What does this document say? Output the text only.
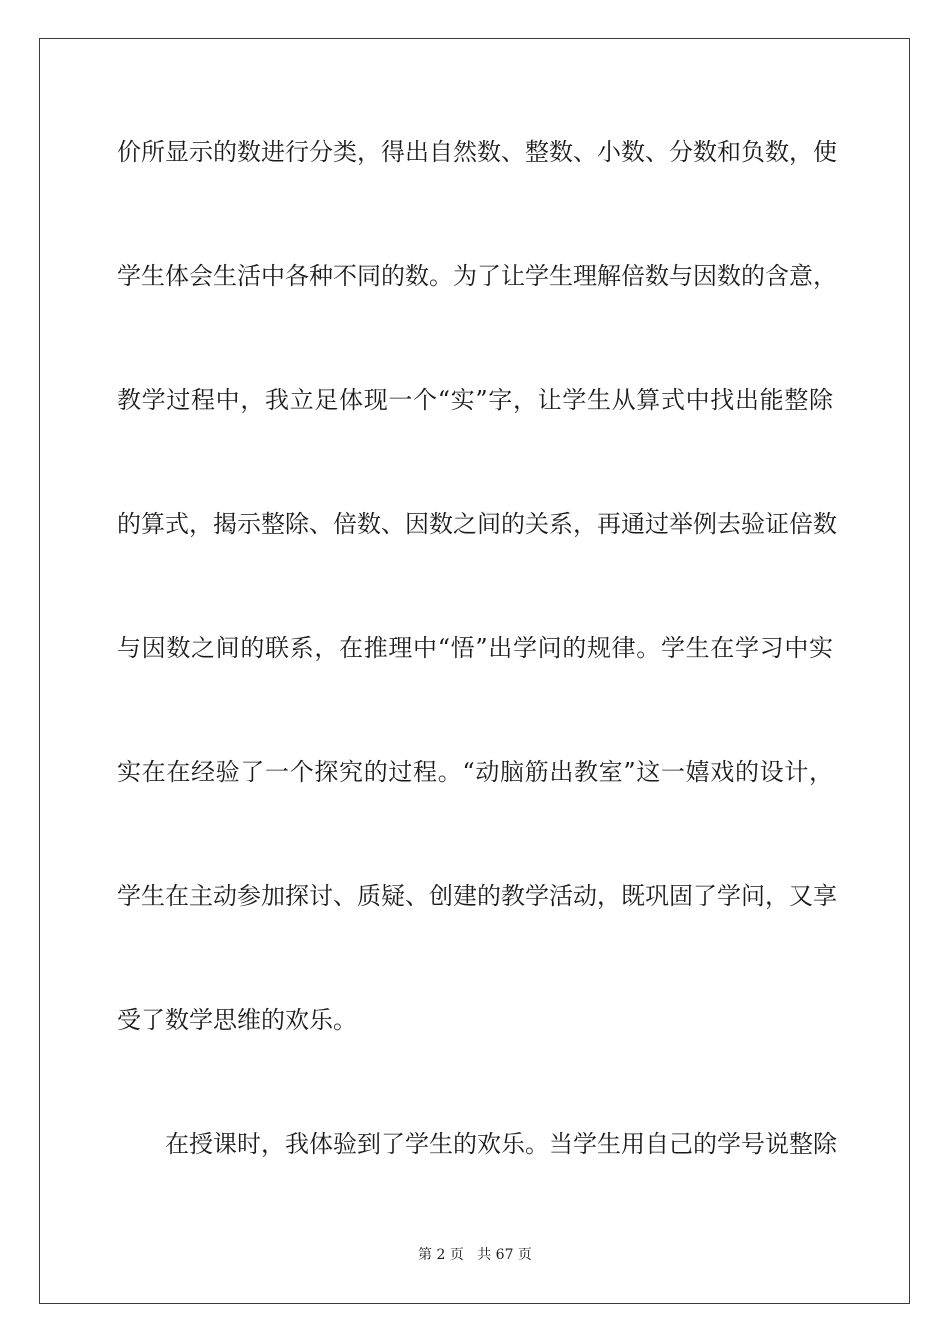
价所显示的数进行分类，得出自然数、整数、小数、分数和负数，使
学生体会生活中各种不同的数。为了让学生理解倍数与因数的含意，
教学过程中，我立足体现一个“实”字，让学生从算式中找出能整除
的算式，揭示整除、倍数、因数之间的关系，再通过举例去验证倍数
与因数之间的联系，在推理中“悟”出学问的规律。学生在学习中实
实在在经验了一个探究的过程。“动脑筋出教室”这一嬉戏的设计，
学生在主动参加探讨、质疑、创建的教学活动，既巩固了学问，又享
受了数学思维的欢乐。
在授课时，我体验到了学生的欢乐。当学生用自己的学号说整除
第 2 页 共 67 页
